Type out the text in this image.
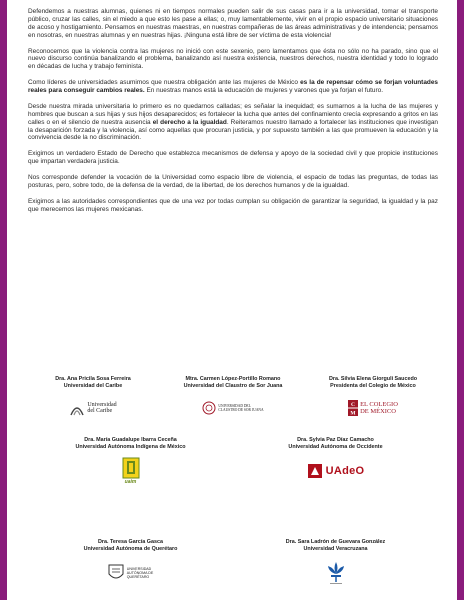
Defendemos a nuestras alumnas, quienes ni en tiempos normales pueden salir de sus casas para ir a la universidad, tomar el transporte público, cruzar las calles, sin el miedo a que esto les pase a ellas; o, muy lamentablemente, vivir en el propio espacio universitario situaciones de acoso y hostigamiento. Pensamos en nuestras maestras, en nuestras compañeras de las áreas administrativas y de intendencia; pensamos en nosotras, en nuestras alumnas y en nuestras hijas. ¡Ninguna está libre de ser víctima de esta violencia!

Reconocemos que la violencia contra las mujeres no inició con este sexenio, pero lamentamos que ésta no sólo no ha parado, sino que el nuevo discurso continúa banalizando el problema, banalizando así nuestra existencia, nuestros derechos, nuestra identidad y todo lo logrado en décadas de lucha y trabajo feminista.

Como líderes de universidades asumimos que nuestra obligación ante las mujeres de México es la de repensar cómo se forjan voluntades reales para conseguir cambios reales. En nuestras manos está la educación de mujeres y varones que ya forjan el futuro.

Desde nuestra mirada universitaria lo primero es no quedarnos calladas; es señalar la inequidad; es sumarnos a la lucha de las mujeres y hombres que buscan a sus hijas y sus hijos desaparecidos; es fortalecer la lucha que antes del confinamiento crecía expresando a gritos en las calles o en el silencio de nuestra ausencia el derecho a la igualdad. Reiteramos nuestro llamado a fortalecer las instituciones que investigan la desaparición forzada y la violencia, así como aquellas que procuran justicia, y por supuesto también a las que promueven la educación y la convivencia desde la no discriminación.

Exigimos un verdadero Estado de Derecho que establezca mecanismos de defensa y apoyo de la sociedad civil y que propicie instituciones que impartan verdadera justicia.

Nos corresponde defender la vocación de la Universidad como espacio libre de violencia, el espacio de todas las preguntas, de todas las posturas, pero, sobre todo, de la defensa de la verdad, de la libertad, de los derechos humanos y de la igualdad.

Exigimos a las autoridades correspondientes que de una vez por todas cumplan su obligación de garantizar la seguridad, la igualdad y la paz que merecemos las mujeres mexicanas.

Dra. Ana Pricila Sosa Ferreira
Universidad del Caribe
Universidad
del Caribe
Mtra. Carmen López-Portillo Romano
Universidad del Claustro de Sor Juana
UNIVERSIDAD DEL
CLAUSTRO DE SOR JUANA
Dra. Silvia Elena Giorguli Saucedo
Presidenta del Colegio de México
C
M
EL COLEGIO
DE MÉXICO
Dra. María Guadalupe Ibarra Ceceña
Universidad Autónoma Indígena de México
uaim
Dra. Sylvia Paz Díaz Camacho
Universidad Autónoma de Occidente
UAdeO
Dra. Teresa García Gasca
Universidad Autónoma de Querétaro
UNIVERSIDAD
AUTÓNOMA DE
QUERÉTARO
Dra. Sara Ladrón de Guevara González
Universidad Veracruzana
